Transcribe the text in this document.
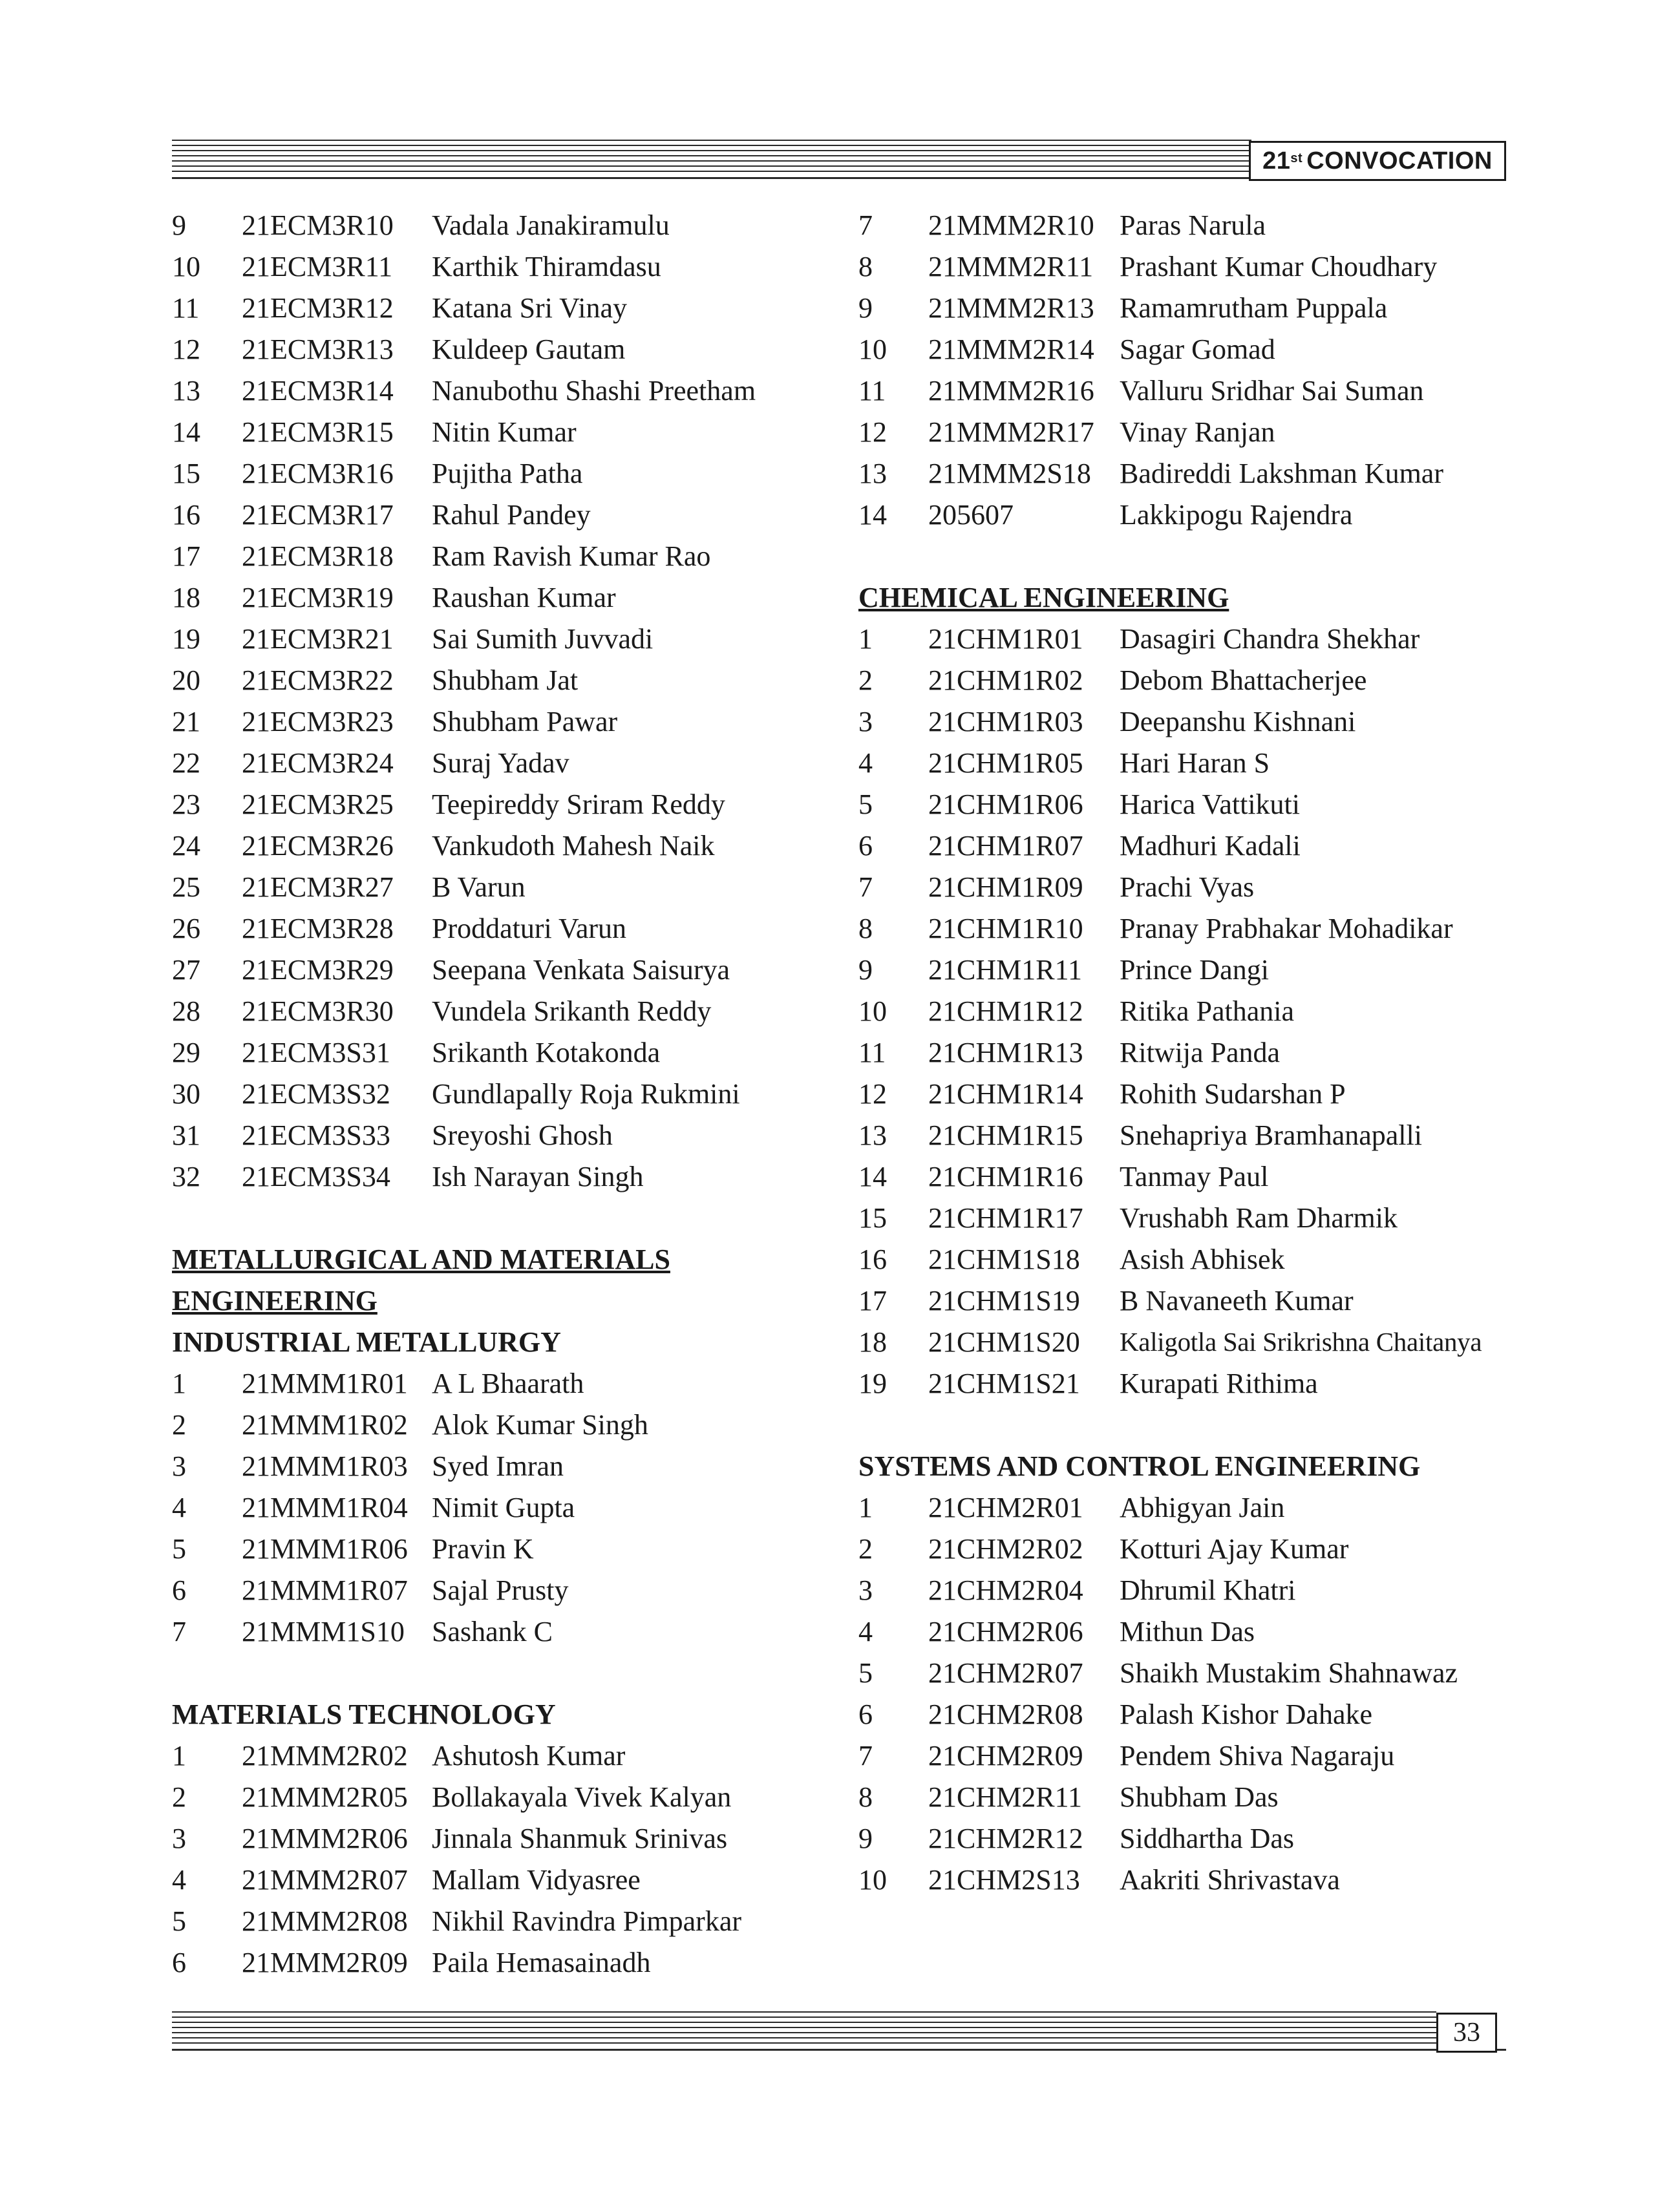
21st CONVOCATION
9	21ECM3R10	Vadala Janakiramulu
10	21ECM3R11	Karthik Thiramdasu
11	21ECM3R12	Katana Sri Vinay
12	21ECM3R13	Kuldeep Gautam
13	21ECM3R14	Nanubothu Shashi Preetham
14	21ECM3R15	Nitin Kumar
15	21ECM3R16	Pujitha Patha
16	21ECM3R17	Rahul Pandey
17	21ECM3R18	Ram Ravish Kumar Rao
18	21ECM3R19	Raushan Kumar
19	21ECM3R21	Sai Sumith Juvvadi
20	21ECM3R22	Shubham Jat
21	21ECM3R23	Shubham Pawar
22	21ECM3R24	Suraj Yadav
23	21ECM3R25	Teepireddy Sriram Reddy
24	21ECM3R26	Vankudoth Mahesh Naik
25	21ECM3R27	B Varun
26	21ECM3R28	Proddaturi Varun
27	21ECM3R29	Seepana Venkata Saisurya
28	21ECM3R30	Vundela Srikanth Reddy
29	21ECM3S31	Srikanth Kotakonda
30	21ECM3S32	Gundlapally Roja Rukmini
31	21ECM3S33	Sreyoshi Ghosh
32	21ECM3S34	Ish Narayan Singh
METALLURGICAL AND MATERIALS
ENGINEERING
INDUSTRIAL METALLURGY
1	21MMM1R01 A L Bhaarath
2	21MMM1R02 Alok Kumar Singh
3	21MMM1R03 Syed Imran
4	21MMM1R04 Nimit Gupta
5	21MMM1R06 Pravin K
6	21MMM1R07 Sajal Prusty
7	21MMM1S10 Sashank C
MATERIALS TECHNOLOGY
1	21MMM2R02 Ashutosh Kumar
2	21MMM2R05 Bollakayala Vivek Kalyan
3	21MMM2R06 Jinnala Shanmuk Srinivas
4	21MMM2R07 Mallam Vidyasree
5	21MMM2R08 Nikhil Ravindra Pimparkar
6	21MMM2R09 Paila Hemasainadh
7	21MMM2R10 Paras Narula
8	21MMM2R11 Prashant Kumar Choudhary
9	21MMM2R13 Ramamrutham Puppala
10	21MMM2R14 Sagar Gomad
11	21MMM2R16 Valluru Sridhar Sai Suman
12	21MMM2R17 Vinay Ranjan
13	21MMM2S18	Badireddi Lakshman Kumar
14	205607	Lakkipogu Rajendra
CHEMICAL ENGINEERING
1	21CHM1R01	Dasagiri Chandra Shekhar
2	21CHM1R02	Debom Bhattacherjee
3	21CHM1R03	Deepanshu Kishnani
4	21CHM1R05	Hari Haran S
5	21CHM1R06	Harica Vattikuti
6	21CHM1R07	Madhuri Kadali
7	21CHM1R09	Prachi Vyas
8	21CHM1R10	Pranay Prabhakar Mohadikar
9	21CHM1R11	Prince Dangi
10	21CHM1R12	Ritika Pathania
11	21CHM1R13	Ritwija Panda
12	21CHM1R14	Rohith Sudarshan P
13	21CHM1R15	Snehapriya Bramhanapalli
14	21CHM1R16	Tanmay Paul
15	21CHM1R17	Vrushabh Ram Dharmik
16	21CHM1S18	Asish Abhisek
17	21CHM1S19	B Navaneeth Kumar
18	21CHM1S20	Kaligotla Sai Srikrishna Chaitanya
19	21CHM1S21	Kurapati Rithima
SYSTEMS AND CONTROL ENGINEERING
1	21CHM2R01	Abhigyan Jain
2	21CHM2R02	Kotturi Ajay Kumar
3	21CHM2R04	Dhrumil Khatri
4	21CHM2R06	Mithun Das
5	21CHM2R07	Shaikh Mustakim Shahnawaz
6	21CHM2R08	Palash Kishor Dahake
7	21CHM2R09	Pendem Shiva Nagaraju
8	21CHM2R11	Shubham Das
9	21CHM2R12	Siddhartha Das
10	21CHM2S13	Aakriti Shrivastava
33
